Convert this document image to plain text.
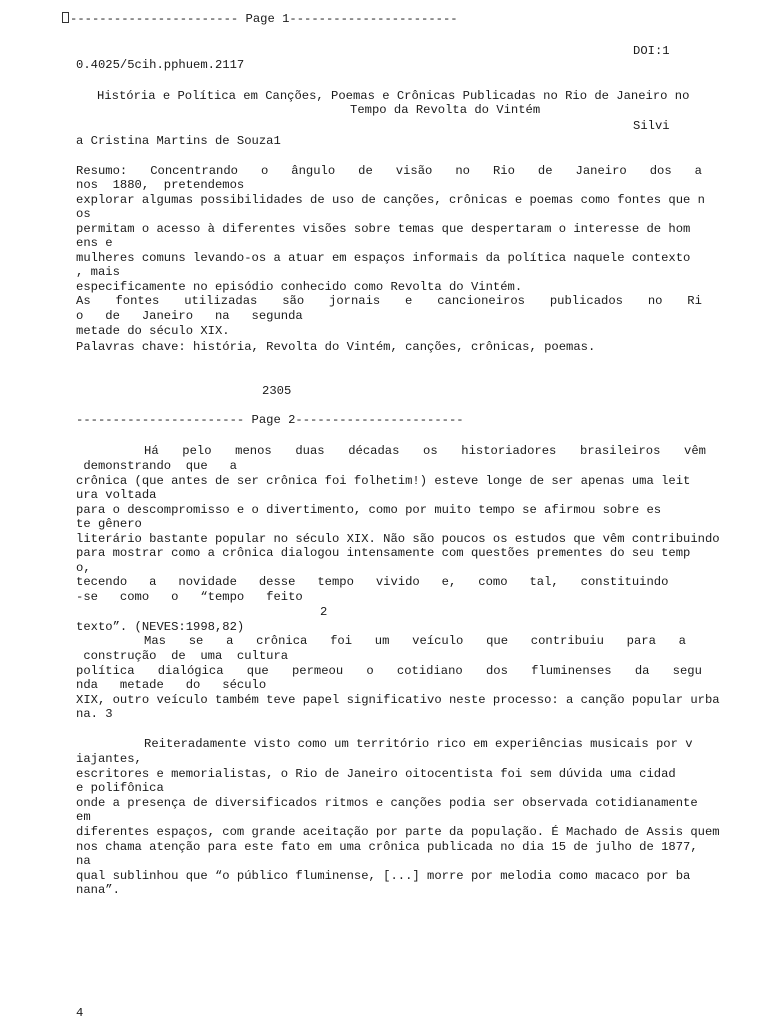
----------------------- Page 1-----------------------
DOI:1
0.4025/5cih.pphuem.2117
História e Política em Canções, Poemas e Crônicas Publicadas no Rio de Janeiro no
Tempo da Revolta do Vintém
Silvi
a Cristina Martins de Souza1
Resumo: Concentrando o ângulo de visão no Rio de Janeiro dos a
nos  1880,  pretendemos
explorar algumas possibilidades de uso de canções, crônicas e poemas como fontes que n
os
permitam o acesso à diferentes visões sobre temas que despertaram o interesse de hom
ens e
mulheres comuns levando-os a atuar em espaços informais da política naquele contexto
, mais
especificamente no episódio conhecido como Revolta do Vintém.
As fontes utilizadas são jornais e cancioneiros publicados no Ri
o   de   Janeiro   na   segunda
metade do século XIX.
Palavras chave: história, Revolta do Vintém, canções, crônicas, poemas.
2305
----------------------- Page 2-----------------------
Há pelo menos duas décadas os historiadores brasileiros vêm
demonstrando  que   a
crônica (que antes de ser crônica foi folhetim!) esteve longe de ser apenas uma leit
ura voltada
para o descompromisso e o divertimento, como por muito tempo se afirmou sobre es
te gênero
literário bastante popular no século XIX. Não são poucos os estudos que vêm contribuindo
para mostrar como a crônica dialogou intensamente com questões prementes do seu temp
o,
tecendo   a   novidade   desse   tempo   vivido   e,   como   tal,   constituindo
-se   como   o   “tempo   feito
2
texto”. (NEVES:1998,82)
Mas se a crônica foi um veículo que contribuiu para a
construção  de  uma  cultura
política dialógica que permeou o cotidiano dos fluminenses da segu
nda   metade   do   século
XIX, outro veículo também teve papel significativo neste processo: a canção popular urba
na. 3
Reiteradamente visto como um território rico em experiências musicais por v
iajantes,
escritores e memorialistas, o Rio de Janeiro oitocentista foi sem dúvida uma cidad
e polifônica
onde a presença de diversificados ritmos e canções podia ser observada cotidianamente
em
diferentes espaços, com grande aceitação por parte da população. É Machado de Assis quem
nos chama atenção para este fato em uma crônica publicada no dia 15 de julho de 1877,
na
qual sublinhou que “o público fluminense, [...] morre por melodia como macaco por ba
nana”.
4
